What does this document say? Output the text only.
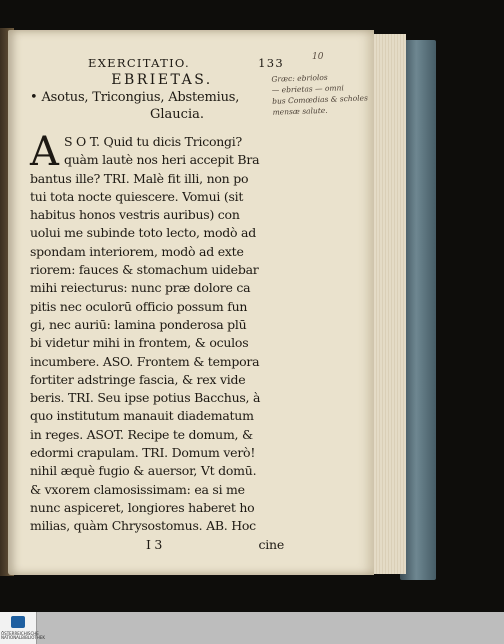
ÖSTERREICHISCHE NATIONALBIBLIOTHEK
10
EXERCITATIO.	133
EBRIETAS.
• Asotus, Tricongius, Abstemius,
Glaucia.
A S O T. Quid tu dicis Tricongi?
quàm lautè nos heri accepit Bra
bantus ille? TRI. Malè fit illi, non po
tui tota nocte quiescere. Vomui (sit
habitus honos vestris auribus) con
uolui me subinde toto lecto, modò ad
spondam interiorem, modò ad exte
riorem: fauces & stomachum uidebar
mihi reiecturus: nunc præ dolore ca
pitis nec oculorū officio possum fun
gi, nec auriū: lamina ponderosa plū
bi videtur mihi in frontem, & oculos
incumbere. ASO. Frontem & tempora
fortiter adstringe fascia, & rex vide
beris. TRI. Seu ipse potius Bacchus, à
quo institutum manauit diadematum
in reges. ASOT. Recipe te domum, &
edormi crapulam. TRI. Domum verò!
nihil æquè fugio & auersor, Vt domū.
& vxorem clamosissimam: ea si me
nunc aspiceret, longiores haberet ho
milias, quàm Chrysostomus. AB. Hoc
I 3	cine
Græc: ebriolos
— ebrietas — omni
bus Comœdias & scholes
mensæ salute.
